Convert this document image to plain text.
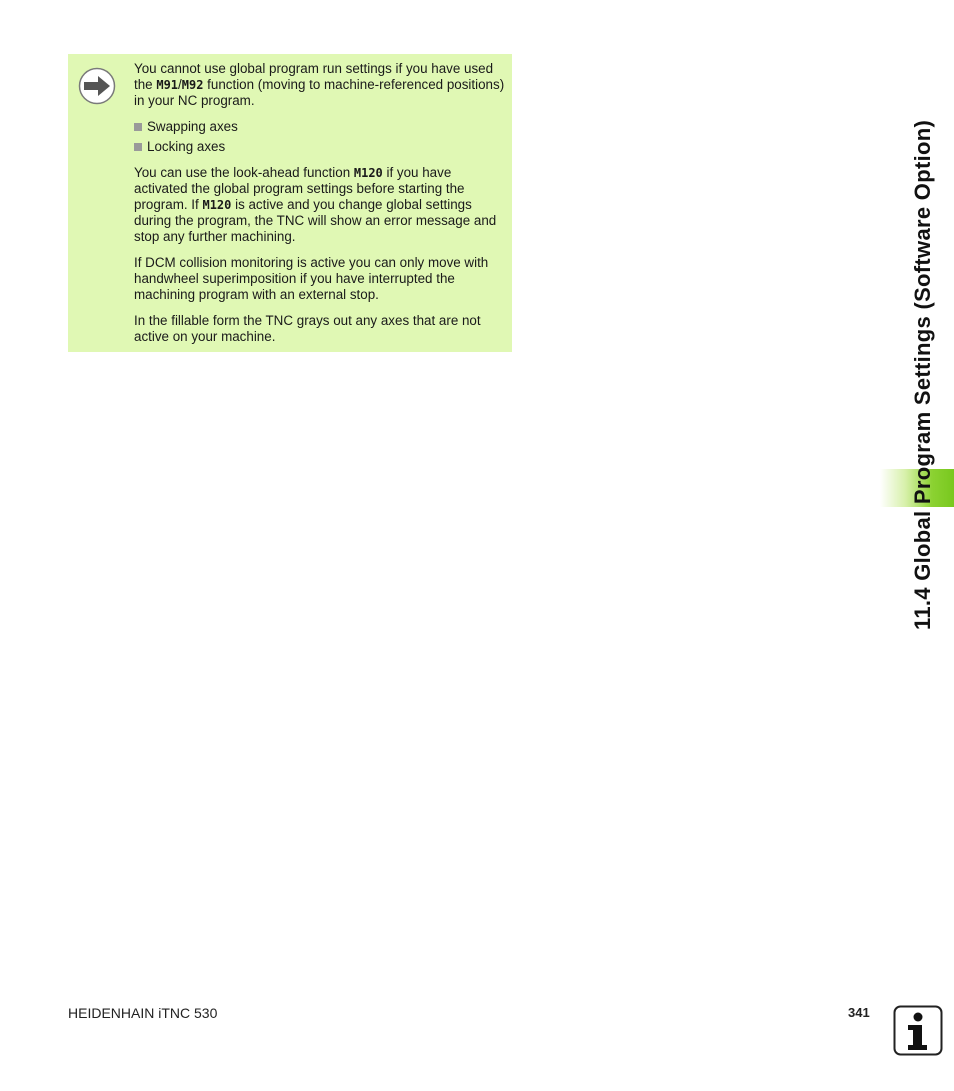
You cannot use global program run settings if you have used the M91/M92 function (moving to machine-referenced positions) in your NC program.

Swapping axes
Locking axes

You can use the look-ahead function M120 if you have activated the global program settings before starting the program. If M120 is active and you change global settings during the program, the TNC will show an error message and stop any further machining.

If DCM collision monitoring is active you can only move with handwheel superimposition if you have interrupted the machining program with an external stop.

In the fillable form the TNC grays out any axes that are not active on your machine.	11.4 Global Program Settings (Software Option)
HEIDENHAIN iTNC 530	341
